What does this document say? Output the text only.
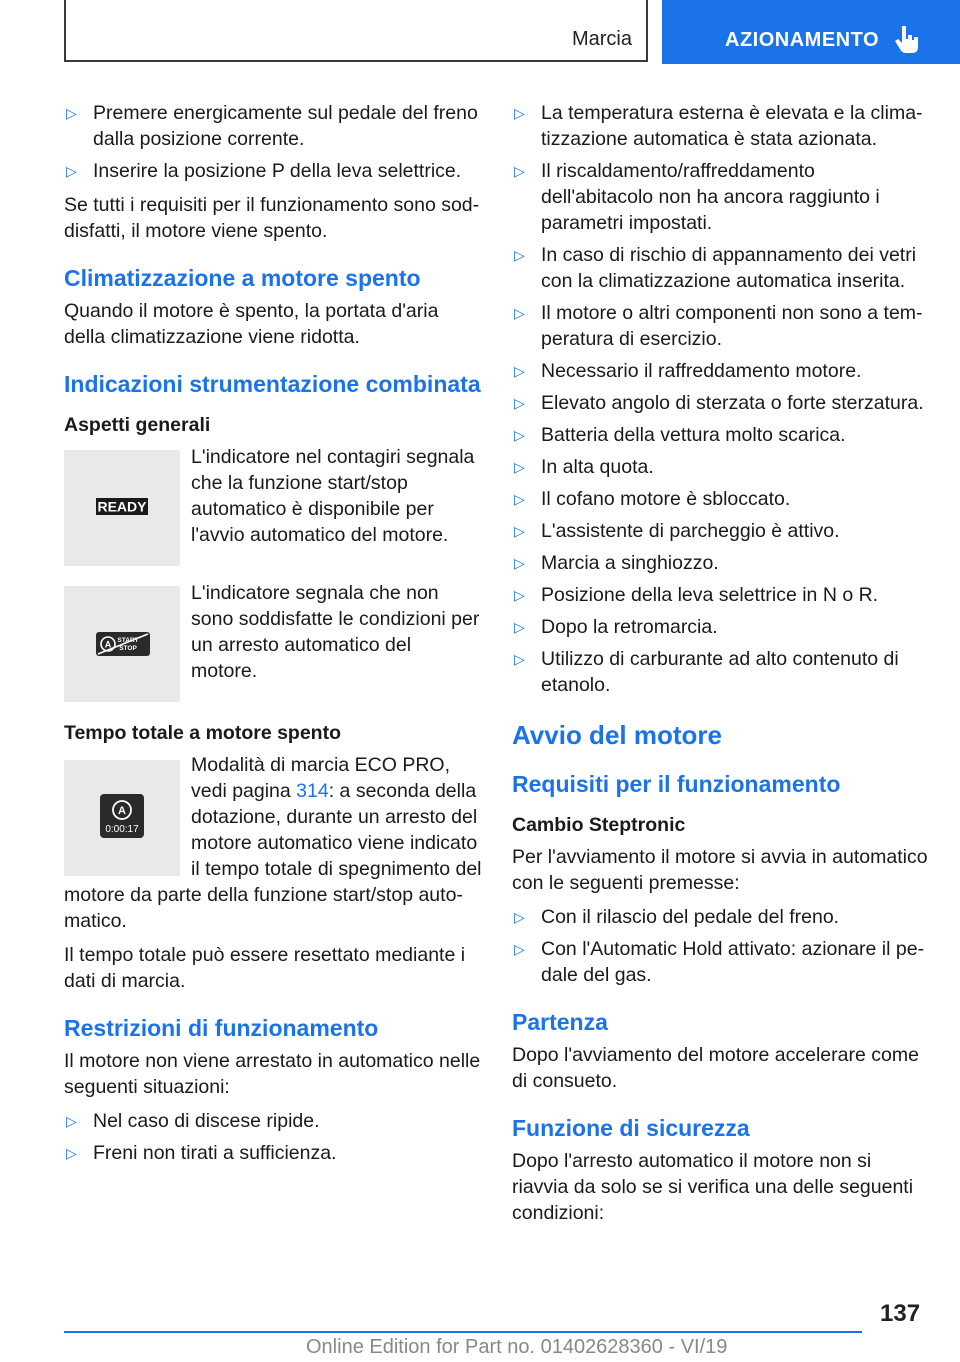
Marcia	AZIONAMENTO
▷ Premere energicamente sul pedale del freno dalla posizione corrente.
▷ Inserire la posizione P della leva selettrice.

Se tutti i requisiti per il funzionamento sono soddisfatti, il motore viene spento.

Climatizzazione a motore spento

Quando il motore è spento, la portata d'aria della climatizzazione viene ridotta.

Indicazioni strumentazione combinata
Aspetti generali
READY
L'indicatore nel contagiri segnala che la funzione start/stop automatico è disponibile per l'avvio automatico del motore.
A START
STOP
L'indicatore segnala che non sono soddisfatte le condizioni per un arresto automatico del motore.
Tempo totale a motore spento
A
0:00:17

Modalità di marcia ECO PRO, vedi pagina 314: a seconda della dotazione, durante un arresto del motore automatico viene indicato il tempo totale di spegnimento del motore da parte della funzione start/stop automatico.

Il tempo totale può essere resettato mediante i dati di marcia.

Restrizioni di funzionamento

Il motore non viene arrestato in automatico nelle seguenti situazioni:

▷ Nel caso di discese ripide.
▷ Freni non tirati a sufficienza.
▷ La temperatura esterna è elevata e la climatizzazione automatica è stata azionata.
▷ Il riscaldamento/raffreddamento dell'abitacolo non ha ancora raggiunto i parametri impostati.
▷ In caso di rischio di appannamento dei vetri con la climatizzazione automatica inserita.
▷ Il motore o altri componenti non sono a temperatura di esercizio.
▷ Necessario il raffreddamento motore.
▷ Elevato angolo di sterzata o forte sterzatura.
▷ Batteria della vettura molto scarica.
▷ In alta quota.
▷ Il cofano motore è sbloccato.
▷ L'assistente di parcheggio è attivo.
▷ Marcia a singhiozzo.
▷ Posizione della leva selettrice in N o R.
▷ Dopo la retromarcia.
▷ Utilizzo di carburante ad alto contenuto di etanolo.
Avvio del motore
Requisiti per il funzionamento
Cambio Steptronic

Per l'avviamento il motore si avvia in automatico con le seguenti premesse:

▷ Con il rilascio del pedale del freno.
▷ Con l'Automatic Hold attivato: azionare il pedale del gas.
Partenza

Dopo l'avviamento del motore accelerare come di consueto.

Funzione di sicurezza

Dopo l'arresto automatico il motore non si riavvia da solo se si verifica una delle seguenti condizioni:

137
Online Edition for Part no. 01402628360 - VI/19
